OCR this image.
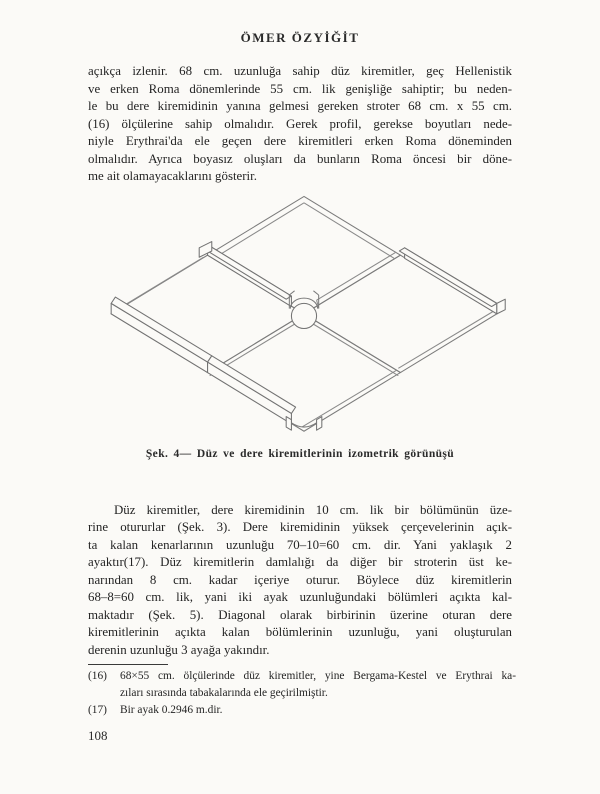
ÖMER ÖZYİĞİT
açıkça izlenir. 68 cm. uzunluğa sahip düz kiremitler, geç Hellenistik
ve erken Roma dönemlerinde 55 cm. lik genişliğe sahiptir; bu neden-
le bu dere kiremidinin yanına gelmesi gereken stroter 68 cm. x 55 cm.
(16) ölçülerine sahip olmalıdır. Gerek profil, gerekse boyutları nede-
niyle Erythrai'da ele geçen dere kiremitleri erken Roma döneminden
olmalıdır. Ayrıca boyasız oluşları da bunların Roma öncesi bir döne-
me ait olamayacaklarını gösterir.
Şek. 4— Düz ve dere kiremitlerinin izometrik görünüşü
Düz kiremitler, dere kiremidinin 10 cm. lik bir bölümünün üze-
rine otururlar (Şek. 3). Dere kiremidinin yüksek çerçevelerinin açık-
ta kalan kenarlarının uzunluğu 70–10=60 cm. dir. Yani yaklaşık 2
ayaktır(17). Düz kiremitlerin damlalığı da diğer bir stroterin üst ke-
narından 8 cm. kadar içeriye oturur. Böylece düz kiremitlerin
68–8=60 cm. lik, yani iki ayak uzunluğundaki bölümleri açıkta kal-
maktadır (Şek. 5). Diagonal olarak birbirinin üzerine oturan dere
kiremitlerinin açıkta kalan bölümlerinin uzunluğu, yani oluşturulan
derenin uzunluğu 3 ayağa yakındır.
(16)	68×55 cm. ölçülerinde düz kiremitler, yine Bergama-Kestel ve Erythrai ka-
zıları sırasında tabakalarında ele geçirilmiştir.
(17)	Bir ayak 0.2946 m.dir.
108
